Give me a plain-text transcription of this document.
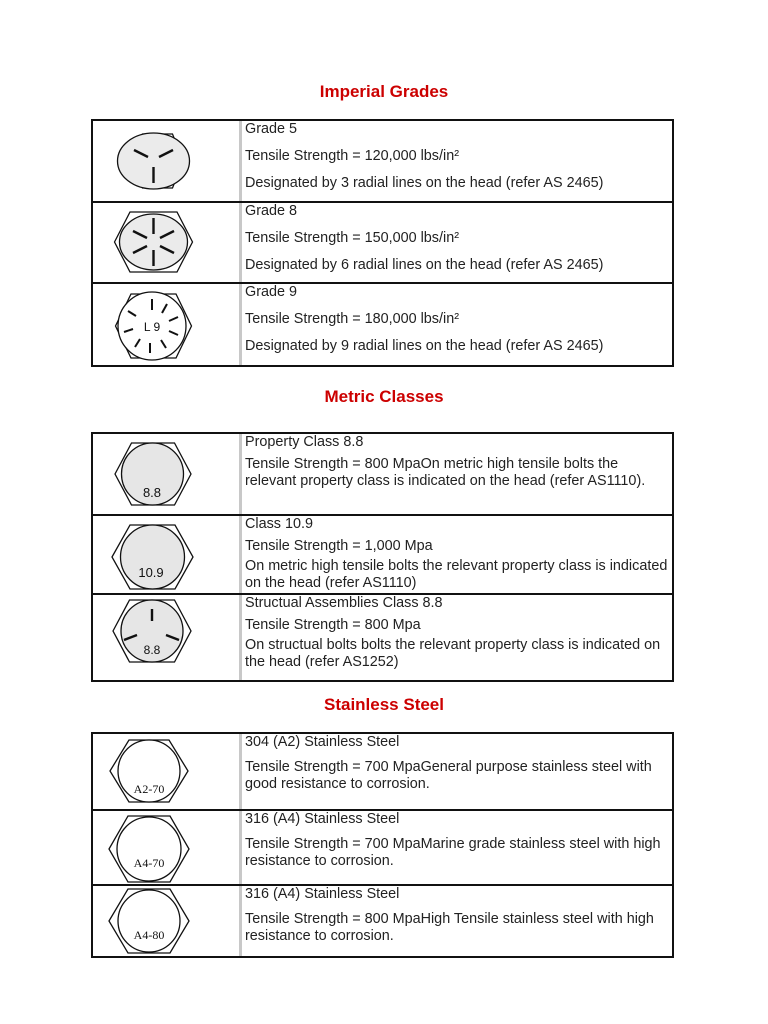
Imperial Grades
Grade 5
Tensile Strength = 120,000 lbs/in²
Designated by 3 radial lines on the head (refer AS 2465)
Grade 8
Tensile Strength = 150,000 lbs/in²
Designated by 6 radial lines on the head (refer AS 2465)
L 9
Grade 9
Tensile Strength = 180,000 lbs/in²
Designated by 9 radial lines on the head (refer AS 2465)
Metric Classes
8.8
Property Class 8.8
Tensile Strength = 800 MpaOn metric high tensile bolts the relevant property class is indicated on the head (refer AS1110).
10.9
Class 10.9
Tensile Strength = 1,000 Mpa
On metric high tensile bolts the relevant property class is indicated on the head (refer AS1110)
8.8
Structual Assemblies Class 8.8
Tensile Strength = 800 Mpa
On structual bolts bolts the relevant property class is indicated on the head (refer AS1252)
Stainless Steel
A2-70
304 (A2) Stainless Steel
Tensile Strength = 700 MpaGeneral purpose stainless steel with good resistance to corrosion.
A4-70
316 (A4) Stainless Steel
Tensile Strength = 700 MpaMarine grade stainless steel with high resistance to corrosion.
A4-80
316 (A4) Stainless Steel
Tensile Strength = 800 MpaHigh Tensile stainless steel with high resistance to corrosion.
